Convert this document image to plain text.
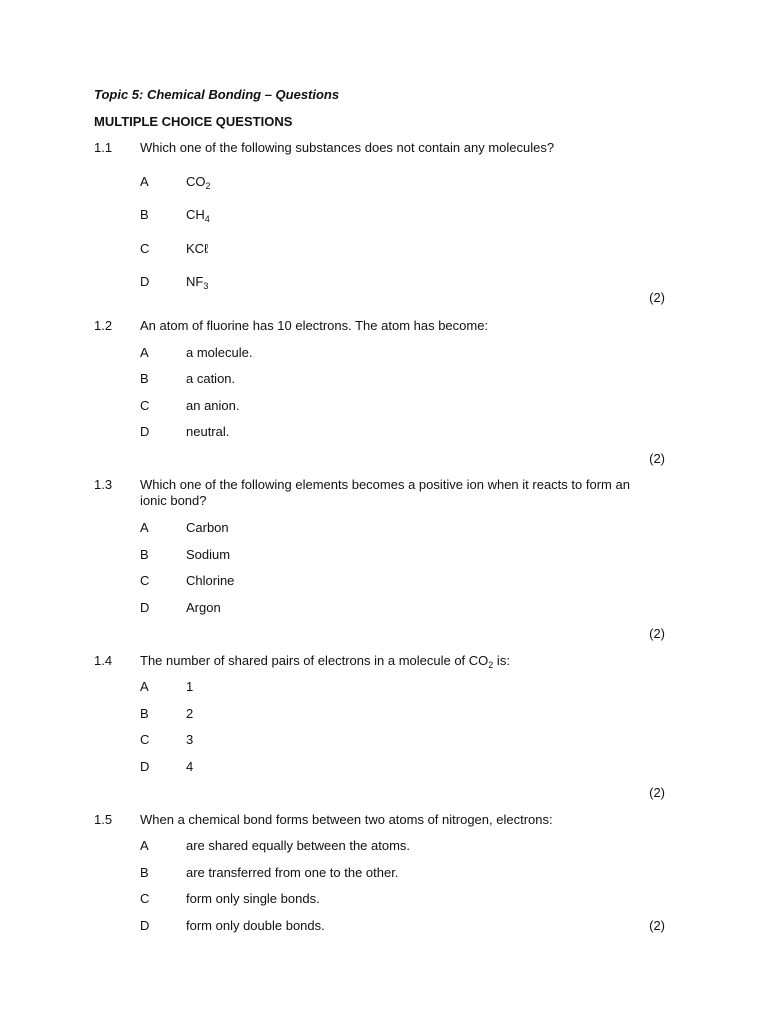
Topic 5: Chemical Bonding – Questions
MULTIPLE CHOICE QUESTIONS
1.1 Which one of the following substances does not contain any molecules?
A	$CO_2$
B	$CH_4$
C	KCℓ
D	$NF_3$
(2)
1.2 An atom of fluorine has 10 electrons. The atom has become:
A	a molecule.
B	a cation.
C	an anion.
D	neutral.
(2)
1.3 Which one of the following elements becomes a positive ion when it reacts to form an
ionic bond?
A	Carbon
B	Sodium
C	Chlorine
D	Argon
(2)
1.4 The number of shared pairs of electrons in a molecule of $CO_2$ is:
A	1
B	2
C	3
D	4
(2)
1.5 When a chemical bond forms between two atoms of nitrogen, electrons:
A	are shared equally between the atoms.
B	are transferred from one to the other.
C	form only single bonds.
D	form only double bonds.	(2)
